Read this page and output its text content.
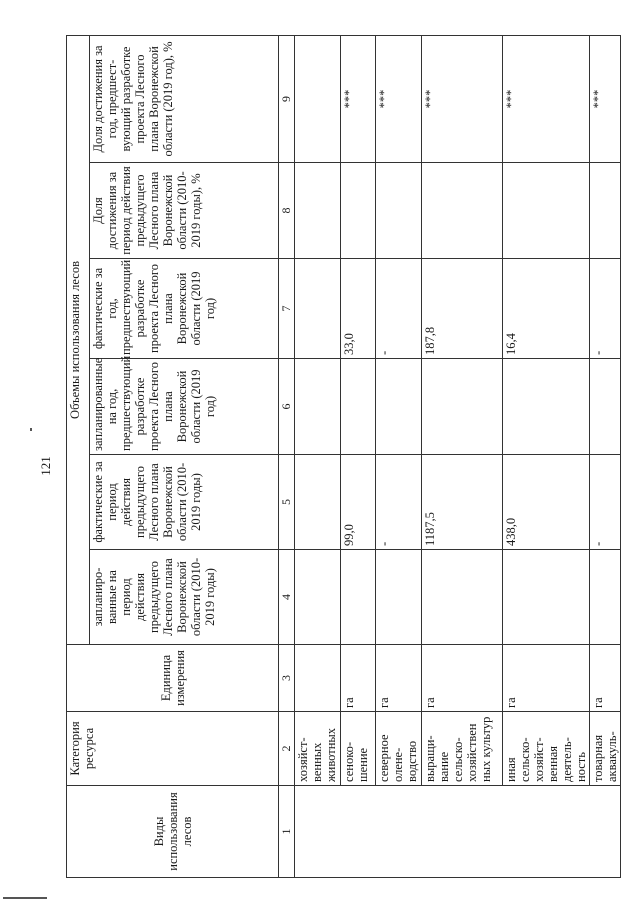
121
Виды использования лесов	Категория ресурса	Единица измерения	Объемы использования лесов					
			запланиро-ванные на период действия предыдущего Лесного плана Воронежской области (2010-2019 годы)	фактические за период действия предыдущего Лесного плана Воронежской области (2010-2019 годы)	запланированные на год, предшествующий разработке проекта Лесного плана Воронежской области (2019 год)	фактические за год, предшествующий разработке проекта Лесного плана Воронежской области (2019 год)	Доля достижения за период действия предыдущего Лесного плана Воронежской области (2010-2019 годы), %	Доля достижения за год, предшест-вующий разработке проекта Лесного плана Воронежской области (2019 год), %
1	2	3	4	5	6	7	8	9
	хозяйст-венных животных							
	сеноко-шение	га		99,0		33,0		***
	северное олене-водство	га		-		-		***
	выращи-вание сельско-хозяйствен ных культур	га		1187,5		187,8		***
	иная сельско-хозяйст-венная деятель-ность	га		438,0		16,4		***
	товарная аквакуль-	га		-		-		***
